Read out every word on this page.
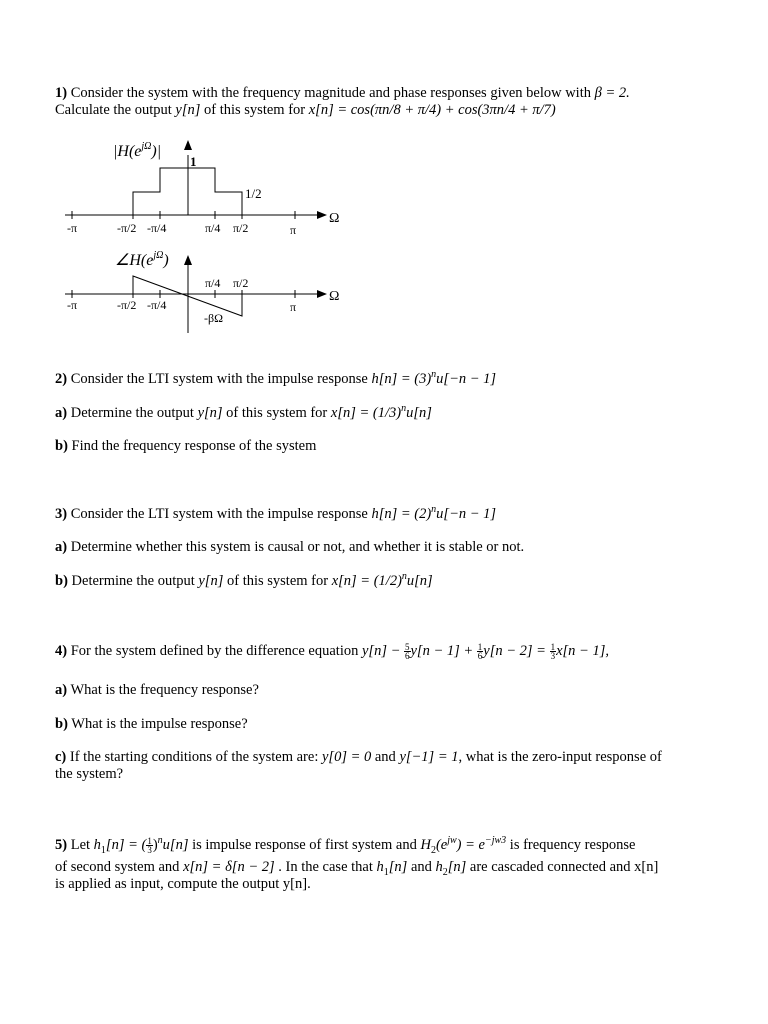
1) Consider the system with the frequency magnitude and phase responses given below with β = 2.
Calculate the output y[n] of this system for x[n] = cos(πn/8 + π/4) + cos(3πn/4 + π/7)
$|H(e^{j\Omega})|$
1
1/2
-π	-π/2 -π/4	π/4 π/2	π
Ω
$\angle H(e^{j\Omega})$
π/4 π/2
-π	-π/2 -π/4	π
-βΩ
Ω
2) Consider the LTI system with the impulse response $h[n] = (3)^nu[-n - 1]$
a) Determine the output y[n] of this system for $x[n] = (1/3)^nu[n]$
b) Find the frequency response of the system
3) Consider the LTI system with the impulse response $h[n] = (2)^nu[-n - 1]$
a) Determine whether this system is causal or not, and whether it is stable or not.
b) Determine the output y[n] of this system for $x[n] = (1/2)^nu[n]$
4) For the system defined by the difference equation $y[n] - \frac{5}{6} y[n - 1] + \frac{1}{6} y[n - 2] = \frac{1}{3} x[n - 1]$,
a) What is the frequency response?
b) What is the impulse response?
c) If the starting conditions of the system are: y[0] = 0 and y[−1] = 1, what is the zero-input response of
the system?
5) Let $h_1[n]$ = ( $\frac{1}{3} )^nu[n]$ is impulse response of first system and $H_2(e^{jw}) = e^{-jw3}$ is frequency response
of second system and x[n] = δ[n − 2] . In the case that $h_1[n]$ and $h_2[n]$ are cascaded connected and x[n]
is applied as input, compute the output y[n].
